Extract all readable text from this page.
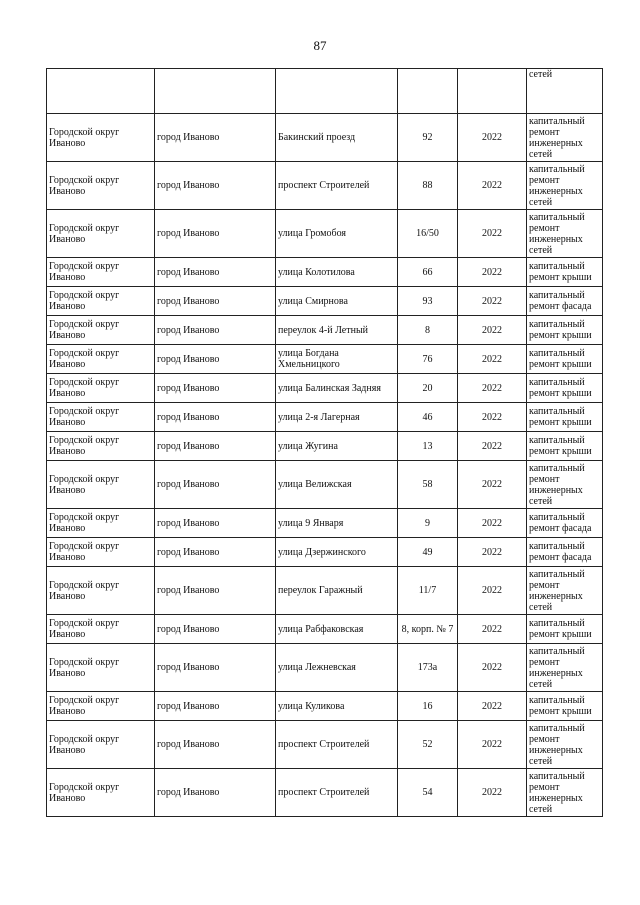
87
					сетей
Городской округ Иваново	город Иваново	Бакинский проезд	92	2022	капитальный ремонт инженерных сетей
Городской округ Иваново	город Иваново	проспект Строителей	88	2022	капитальный ремонт инженерных сетей
Городской округ Иваново	город Иваново	улица Громобоя	16/50	2022	капитальный ремонт инженерных сетей
Городской округ Иваново	город Иваново	улица Колотилова	66	2022	капитальный ремонт крыши
Городской округ Иваново	город Иваново	улица Смирнова	93	2022	капитальный ремонт фасада
Городской округ Иваново	город Иваново	переулок 4-й Летный	8	2022	капитальный ремонт крыши
Городской округ Иваново	город Иваново	улица Богдана Хмельницкого	76	2022	капитальный ремонт крыши
Городской округ Иваново	город Иваново	улица Балинская Задняя	20	2022	капитальный ремонт крыши
Городской округ Иваново	город Иваново	улица 2-я Лагерная	46	2022	капитальный ремонт крыши
Городской округ Иваново	город Иваново	улица Жугина	13	2022	капитальный ремонт крыши
Городской округ Иваново	город Иваново	улица Велижская	58	2022	капитальный ремонт инженерных сетей
Городской округ Иваново	город Иваново	улица 9 Января	9	2022	капитальный ремонт фасада
Городской округ Иваново	город Иваново	улица Дзержинского	49	2022	капитальный ремонт фасада
Городской округ Иваново	город Иваново	переулок Гаражный	11/7	2022	капитальный ремонт инженерных сетей
Городской округ Иваново	город Иваново	улица Рабфаковская	8, корп. № 7	2022	капитальный ремонт крыши
Городской округ Иваново	город Иваново	улица Лежневская	173а	2022	капитальный ремонт инженерных сетей
Городской округ Иваново	город Иваново	улица Куликова	16	2022	капитальный ремонт крыши
Городской округ Иваново	город Иваново	проспект Строителей	52	2022	капитальный ремонт инженерных сетей
Городской округ Иваново	город Иваново	проспект Строителей	54	2022	капитальный ремонт инженерных сетей
